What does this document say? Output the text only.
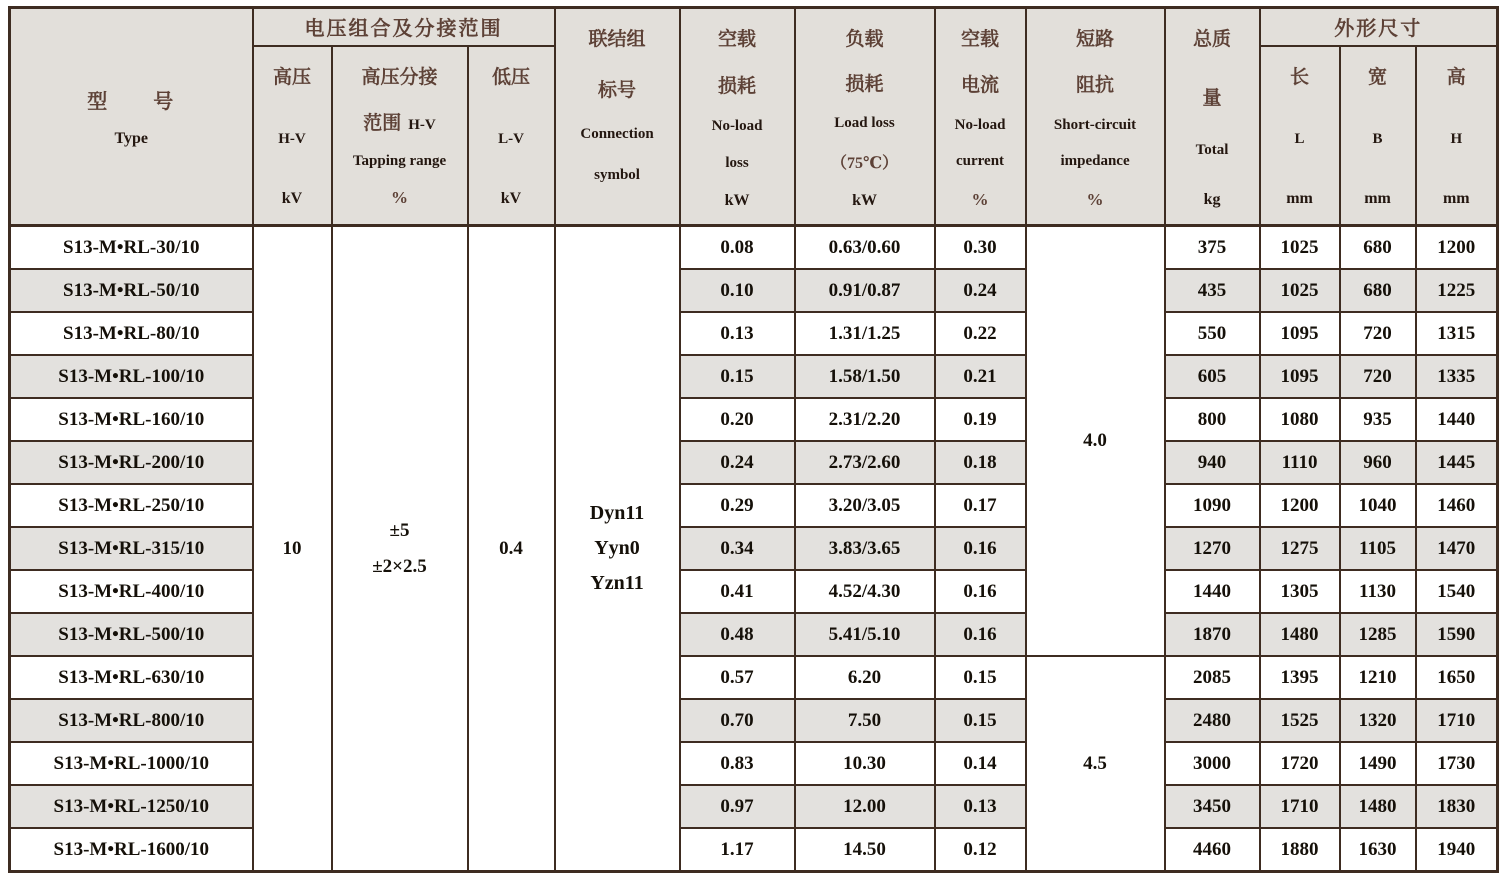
型　　号
Type	电压组合及分接范围			联结组
标号
Connection
symbol	空载
损耗
No-load
loss
kW	负载
损耗
Load loss
（75℃）
kW	空载
电流
No-load
current
%	短路
阻抗
Short-circuit
impedance
%	总质
量
Total
kg	外形尺寸		

	高压
H-V
kV	高压分接
范围 H-V
Tapping range
%	低压
L-V
kV							长
L
mm	宽
B
mm	高
H
mm

S13-M•RL-30/10	10	±5
±2×2.5	0.4	Dyn11
Yyn0
Yzn11	0.08	0.63/0.60	0.30	4.0	375	1025	680	1200
S13-M•RL-50/10					0.10	0.91/0.87	0.24		435	1025	680	1225
S13-M•RL-80/10					0.13	1.31/1.25	0.22		550	1095	720	1315
S13-M•RL-100/10					0.15	1.58/1.50	0.21		605	1095	720	1335
S13-M•RL-160/10					0.20	2.31/2.20	0.19		800	1080	935	1440
S13-M•RL-200/10					0.24	2.73/2.60	0.18		940	1110	960	1445
S13-M•RL-250/10					0.29	3.20/3.05	0.17		1090	1200	1040	1460
S13-M•RL-315/10					0.34	3.83/3.65	0.16		1270	1275	1105	1470
S13-M•RL-400/10					0.41	4.52/4.30	0.16		1440	1305	1130	1540
S13-M•RL-500/10					0.48	5.41/5.10	0.16		1870	1480	1285	1590
S13-M•RL-630/10					0.57	6.20	0.15	4.5	2085	1395	1210	1650
S13-M•RL-800/10					0.70	7.50	0.15		2480	1525	1320	1710
S13-M•RL-1000/10					0.83	10.30	0.14		3000	1720	1490	1730
S13-M•RL-1250/10					0.97	12.00	0.13		3450	1710	1480	1830
S13-M•RL-1600/10					1.17	14.50	0.12		4460	1880	1630	1940
